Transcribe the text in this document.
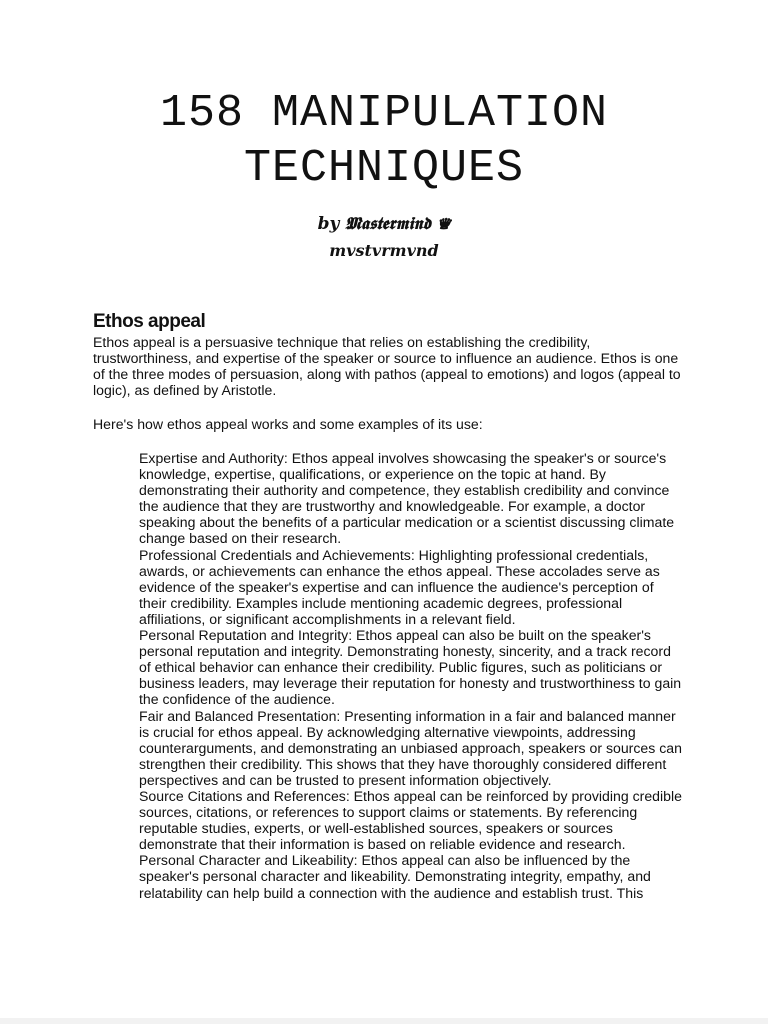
158 MANIPULATION
TECHNIQUES
by 𝕸𝖆𝖘𝖙𝖊𝖗𝖒𝖎𝖓𝖉 ♛
mvstvrmvnd
Ethos appeal

Ethos appeal is a persuasive technique that relies on establishing the credibility, trustworthiness, and expertise of the speaker or source to influence an audience. Ethos is one of the three modes of persuasion, along with pathos (appeal to emotions) and logos (appeal to logic), as defined by Aristotle.

Here's how ethos appeal works and some examples of its use:

Expertise and Authority: Ethos appeal involves showcasing the speaker's or source's knowledge, expertise, qualifications, or experience on the topic at hand. By demonstrating their authority and competence, they establish credibility and convince the audience that they are trustworthy and knowledgeable. For example, a doctor speaking about the benefits of a particular medication or a scientist discussing climate change based on their research.
Professional Credentials and Achievements: Highlighting professional credentials, awards, or achievements can enhance the ethos appeal. These accolades serve as evidence of the speaker's expertise and can influence the audience's perception of their credibility. Examples include mentioning academic degrees, professional affiliations, or significant accomplishments in a relevant field.
Personal Reputation and Integrity: Ethos appeal can also be built on the speaker's personal reputation and integrity. Demonstrating honesty, sincerity, and a track record of ethical behavior can enhance their credibility. Public figures, such as politicians or business leaders, may leverage their reputation for honesty and trustworthiness to gain the confidence of the audience.
Fair and Balanced Presentation: Presenting information in a fair and balanced manner is crucial for ethos appeal. By acknowledging alternative viewpoints, addressing counterarguments, and demonstrating an unbiased approach, speakers or sources can strengthen their credibility. This shows that they have thoroughly considered different perspectives and can be trusted to present information objectively.
Source Citations and References: Ethos appeal can be reinforced by providing credible sources, citations, or references to support claims or statements. By referencing reputable studies, experts, or well-established sources, speakers or sources demonstrate that their information is based on reliable evidence and research.
Personal Character and Likeability: Ethos appeal can also be influenced by the speaker's personal character and likeability. Demonstrating integrity, empathy, and relatability can help build a connection with the audience and establish trust. This
